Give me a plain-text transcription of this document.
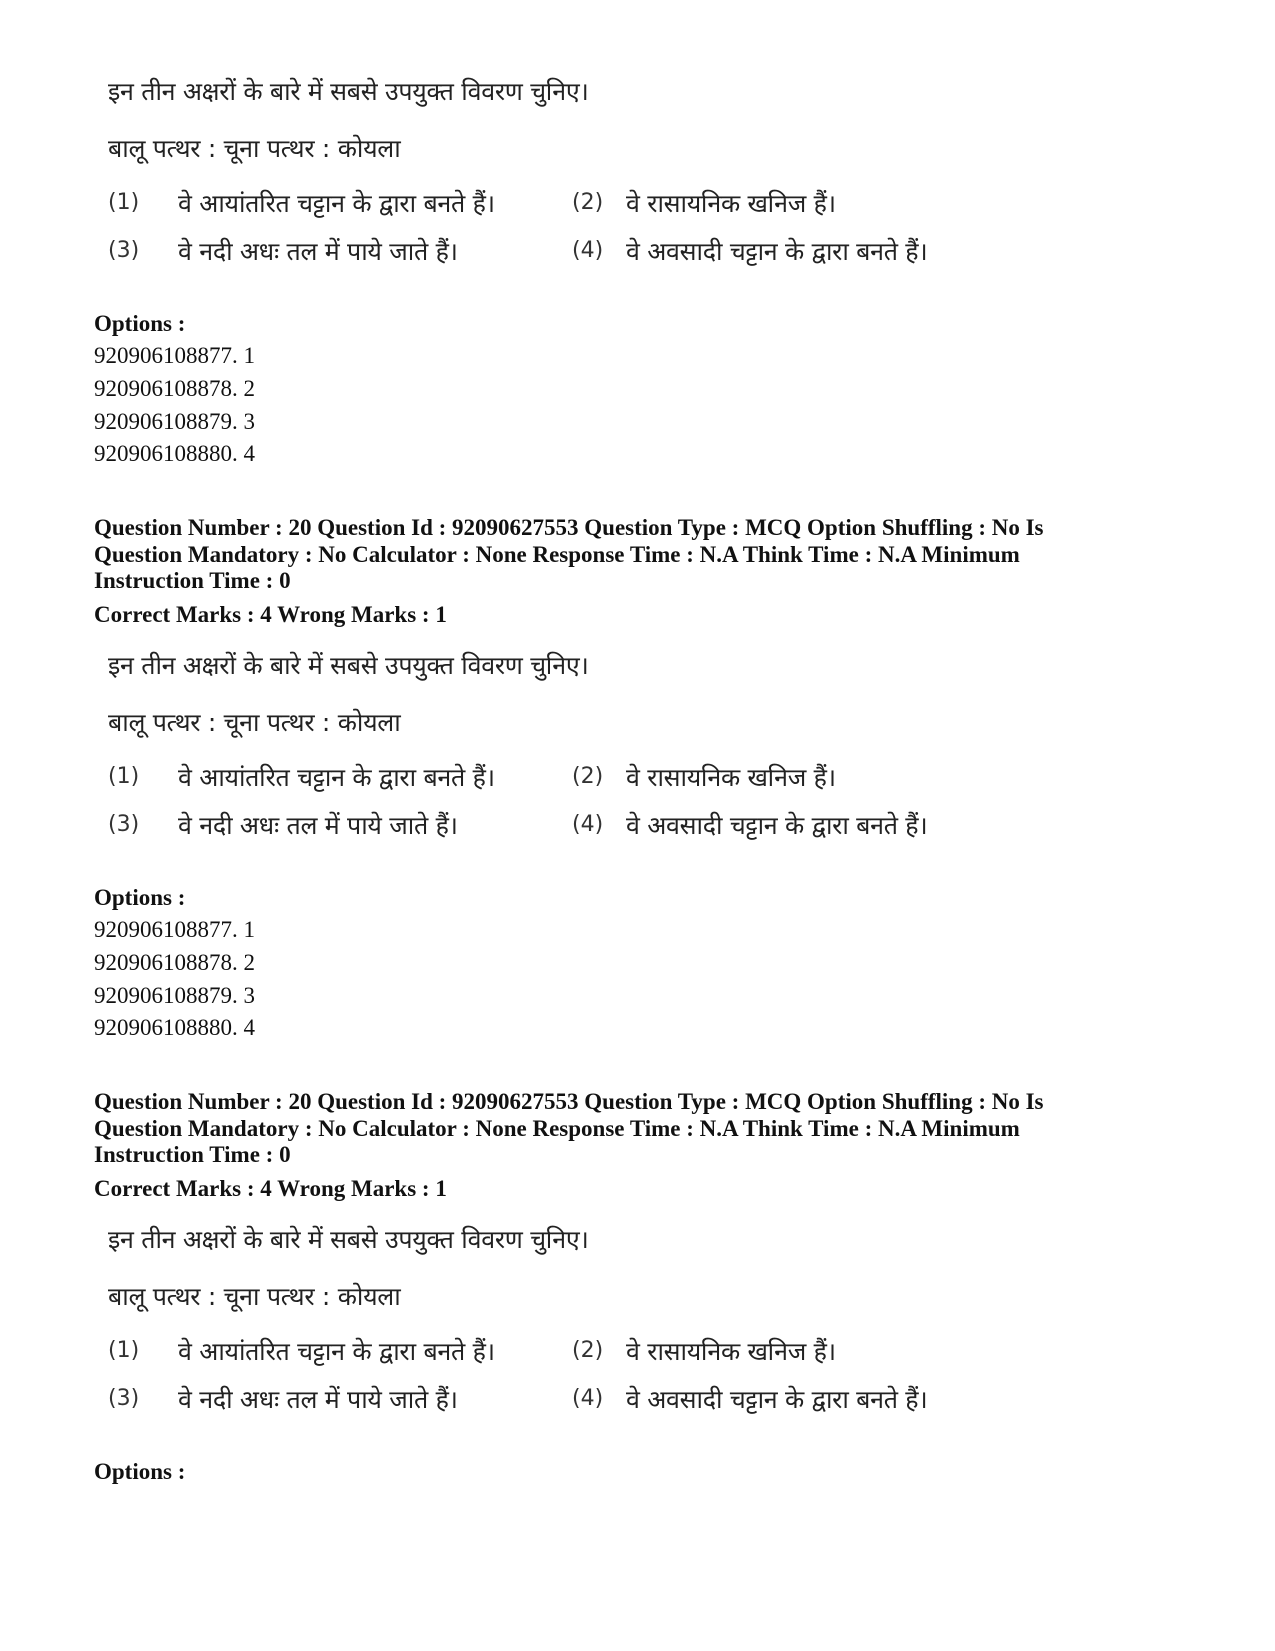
इन तीन अक्षरों के बारे में सबसे उपयुक्त विवरण चुनिए।
बालू पत्थर : चूना पत्थर : कोयला
(1) वे आयांतरित चट्टान के द्वारा बनते हैं।	(2) वे रासायनिक खनिज हैं।
(3) वे नदी अधः तल में पाये जाते हैं।	(4) वे अवसादी चट्टान के द्वारा बनते हैं।
Options :
920906108877. 1
920906108878. 2
920906108879. 3
920906108880. 4
Question Number : 20 Question Id : 92090627553 Question Type : MCQ Option Shuffling : No Is
Question Mandatory : No Calculator : None Response Time : N.A Think Time : N.A Minimum
Instruction Time : 0
Correct Marks : 4 Wrong Marks : 1
इन तीन अक्षरों के बारे में सबसे उपयुक्त विवरण चुनिए।
बालू पत्थर : चूना पत्थर : कोयला
(1) वे आयांतरित चट्टान के द्वारा बनते हैं।	(2) वे रासायनिक खनिज हैं।
(3) वे नदी अधः तल में पाये जाते हैं।	(4) वे अवसादी चट्टान के द्वारा बनते हैं।
Options :
920906108877. 1
920906108878. 2
920906108879. 3
920906108880. 4
Question Number : 20 Question Id : 92090627553 Question Type : MCQ Option Shuffling : No Is
Question Mandatory : No Calculator : None Response Time : N.A Think Time : N.A Minimum
Instruction Time : 0
Correct Marks : 4 Wrong Marks : 1
इन तीन अक्षरों के बारे में सबसे उपयुक्त विवरण चुनिए।
बालू पत्थर : चूना पत्थर : कोयला
(1) वे आयांतरित चट्टान के द्वारा बनते हैं।	(2) वे रासायनिक खनिज हैं।
(3) वे नदी अधः तल में पाये जाते हैं।	(4) वे अवसादी चट्टान के द्वारा बनते हैं।
Options :
